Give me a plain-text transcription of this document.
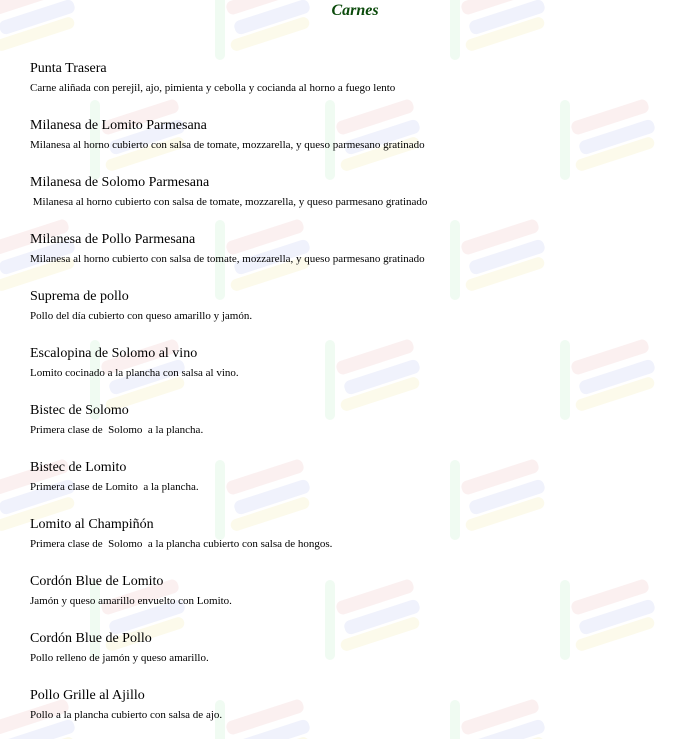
Carnes
Punta Trasera
Carne aliñada con perejil, ajo, pimienta y cebolla y cocianda al horno a fuego lento
Milanesa de Lomito Parmesana
Milanesa al horno cubierto con salsa de tomate, mozzarella, y queso parmesano gratinado
Milanesa de Solomo Parmesana
Milanesa al horno cubierto con salsa de tomate, mozzarella, y queso parmesano gratinado
Milanesa de Pollo Parmesana
Milanesa al horno cubierto con salsa de tomate, mozzarella, y queso parmesano gratinado
Suprema de pollo
Pollo del día cubierto con queso amarillo y jamón.
Escalopina de Solomo al vino
Lomito cocinado a la plancha con salsa al vino.
Bistec de Solomo
Primera clase de  Solomo  a la plancha.
Bistec de Lomito
Primera clase de Lomito  a la plancha.
Lomito al Champiñón
Primera clase de  Solomo  a la plancha cubierto con salsa de hongos.
Cordón Blue de Lomito
Jamón y queso amarillo envuelto con Lomito.
Cordón Blue de Pollo
Pollo relleno de jamón y queso amarillo.
Pollo Grille al Ajillo
Pollo a la plancha cubierto con salsa de ajo.
